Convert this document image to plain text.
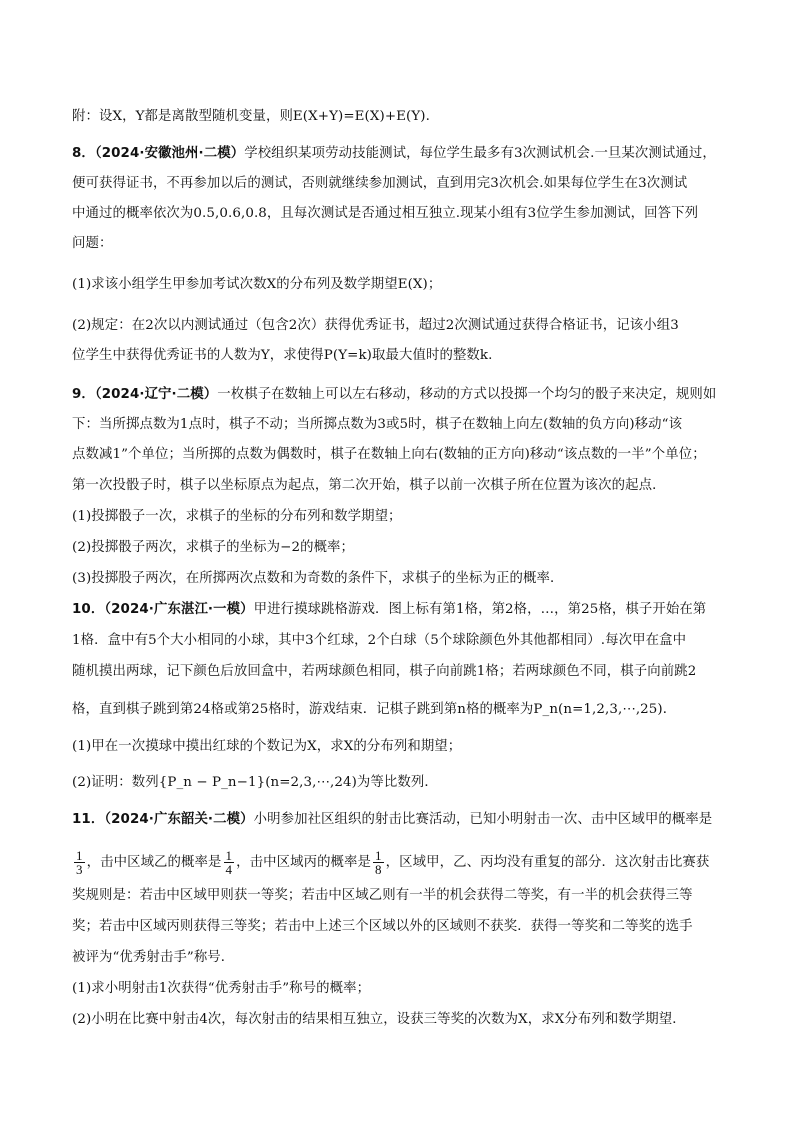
附：设X，Y都是离散型随机变量，则E(X+Y)=E(X)+E(Y).
8．（2024·安徽池州·二模）学校组织某项劳动技能测试，每位学生最多有3次测试机会.一旦某次测试通过，
便可获得证书，不再参加以后的测试，否则就继续参加测试，直到用完3次机会.如果每位学生在3次测试
中通过的概率依次为0.5,0.6,0.8，且每次测试是否通过相互独立.现某小组有3位学生参加测试，回答下列
问题：
(1)求该小组学生甲参加考试次数X的分布列及数学期望E(X)；
(2)规定：在2次以内测试通过（包含2次）获得优秀证书，超过2次测试通过获得合格证书，记该小组3
位学生中获得优秀证书的人数为Y，求使得P(Y=k)取最大值时的整数k.
9．（2024·辽宁·二模）一枚棋子在数轴上可以左右移动，移动的方式以投掷一个均匀的骰子来决定，规则如
下：当所掷点数为1点时，棋子不动；当所掷点数为3或5时，棋子在数轴上向左(数轴的负方向)移动“该
点数减1”个单位；当所掷的点数为偶数时，棋子在数轴上向右(数轴的正方向)移动“该点数的一半”个单位；
第一次投骰子时，棋子以坐标原点为起点，第二次开始，棋子以前一次棋子所在位置为该次的起点．
(1)投掷骰子一次，求棋子的坐标的分布列和数学期望；
(2)投掷骰子两次，求棋子的坐标为−2的概率；
(3)投掷股子两次，在所掷两次点数和为奇数的条件下，求棋子的坐标为正的概率．
10．（2024·广东湛江·一模）甲进行摸球跳格游戏．图上标有第1格，第2格，…，第25格，棋子开始在第
1格．盒中有5个大小相同的小球，其中3个红球，2个白球（5个球除颜色外其他都相同）.每次甲在盒中
随机摸出两球，记下颜色后放回盒中，若两球颜色相同，棋子向前跳1格；若两球颜色不同，棋子向前跳2
格，直到棋子跳到第24格或第25格时，游戏结束．记棋子跳到第n格的概率为P_n(n=1,2,3,⋯,25)．
(1)甲在一次摸球中摸出红球的个数记为X，求X的分布列和期望；
(2)证明：数列{P_n − P_n−1}(n=2,3,⋯,24)为等比数列．
11．（2024·广东韶关·二模）小明参加社区组织的射击比赛活动，已知小明射击一次、击中区域甲的概率是
$\frac{1}{3}$ ，击中区域乙的概率是 $\frac{1}{4}$ ，击中区域丙的概率是 $\frac{1}{8}$ ，区域甲，乙、丙均没有重复的部分．这次射击比赛获
奖规则是：若击中区域甲则获一等奖；若击中区域乙则有一半的机会获得二等奖，有一半的机会获得三等
奖；若击中区域丙则获得三等奖；若击中上述三个区域以外的区域则不获奖．获得一等奖和二等奖的选手
被评为“优秀射击手”称号．
(1)求小明射击1次获得“优秀射击手”称号的概率；
(2)小明在比赛中射击4次，每次射击的结果相互独立，设获三等奖的次数为X，求X分布列和数学期望．
